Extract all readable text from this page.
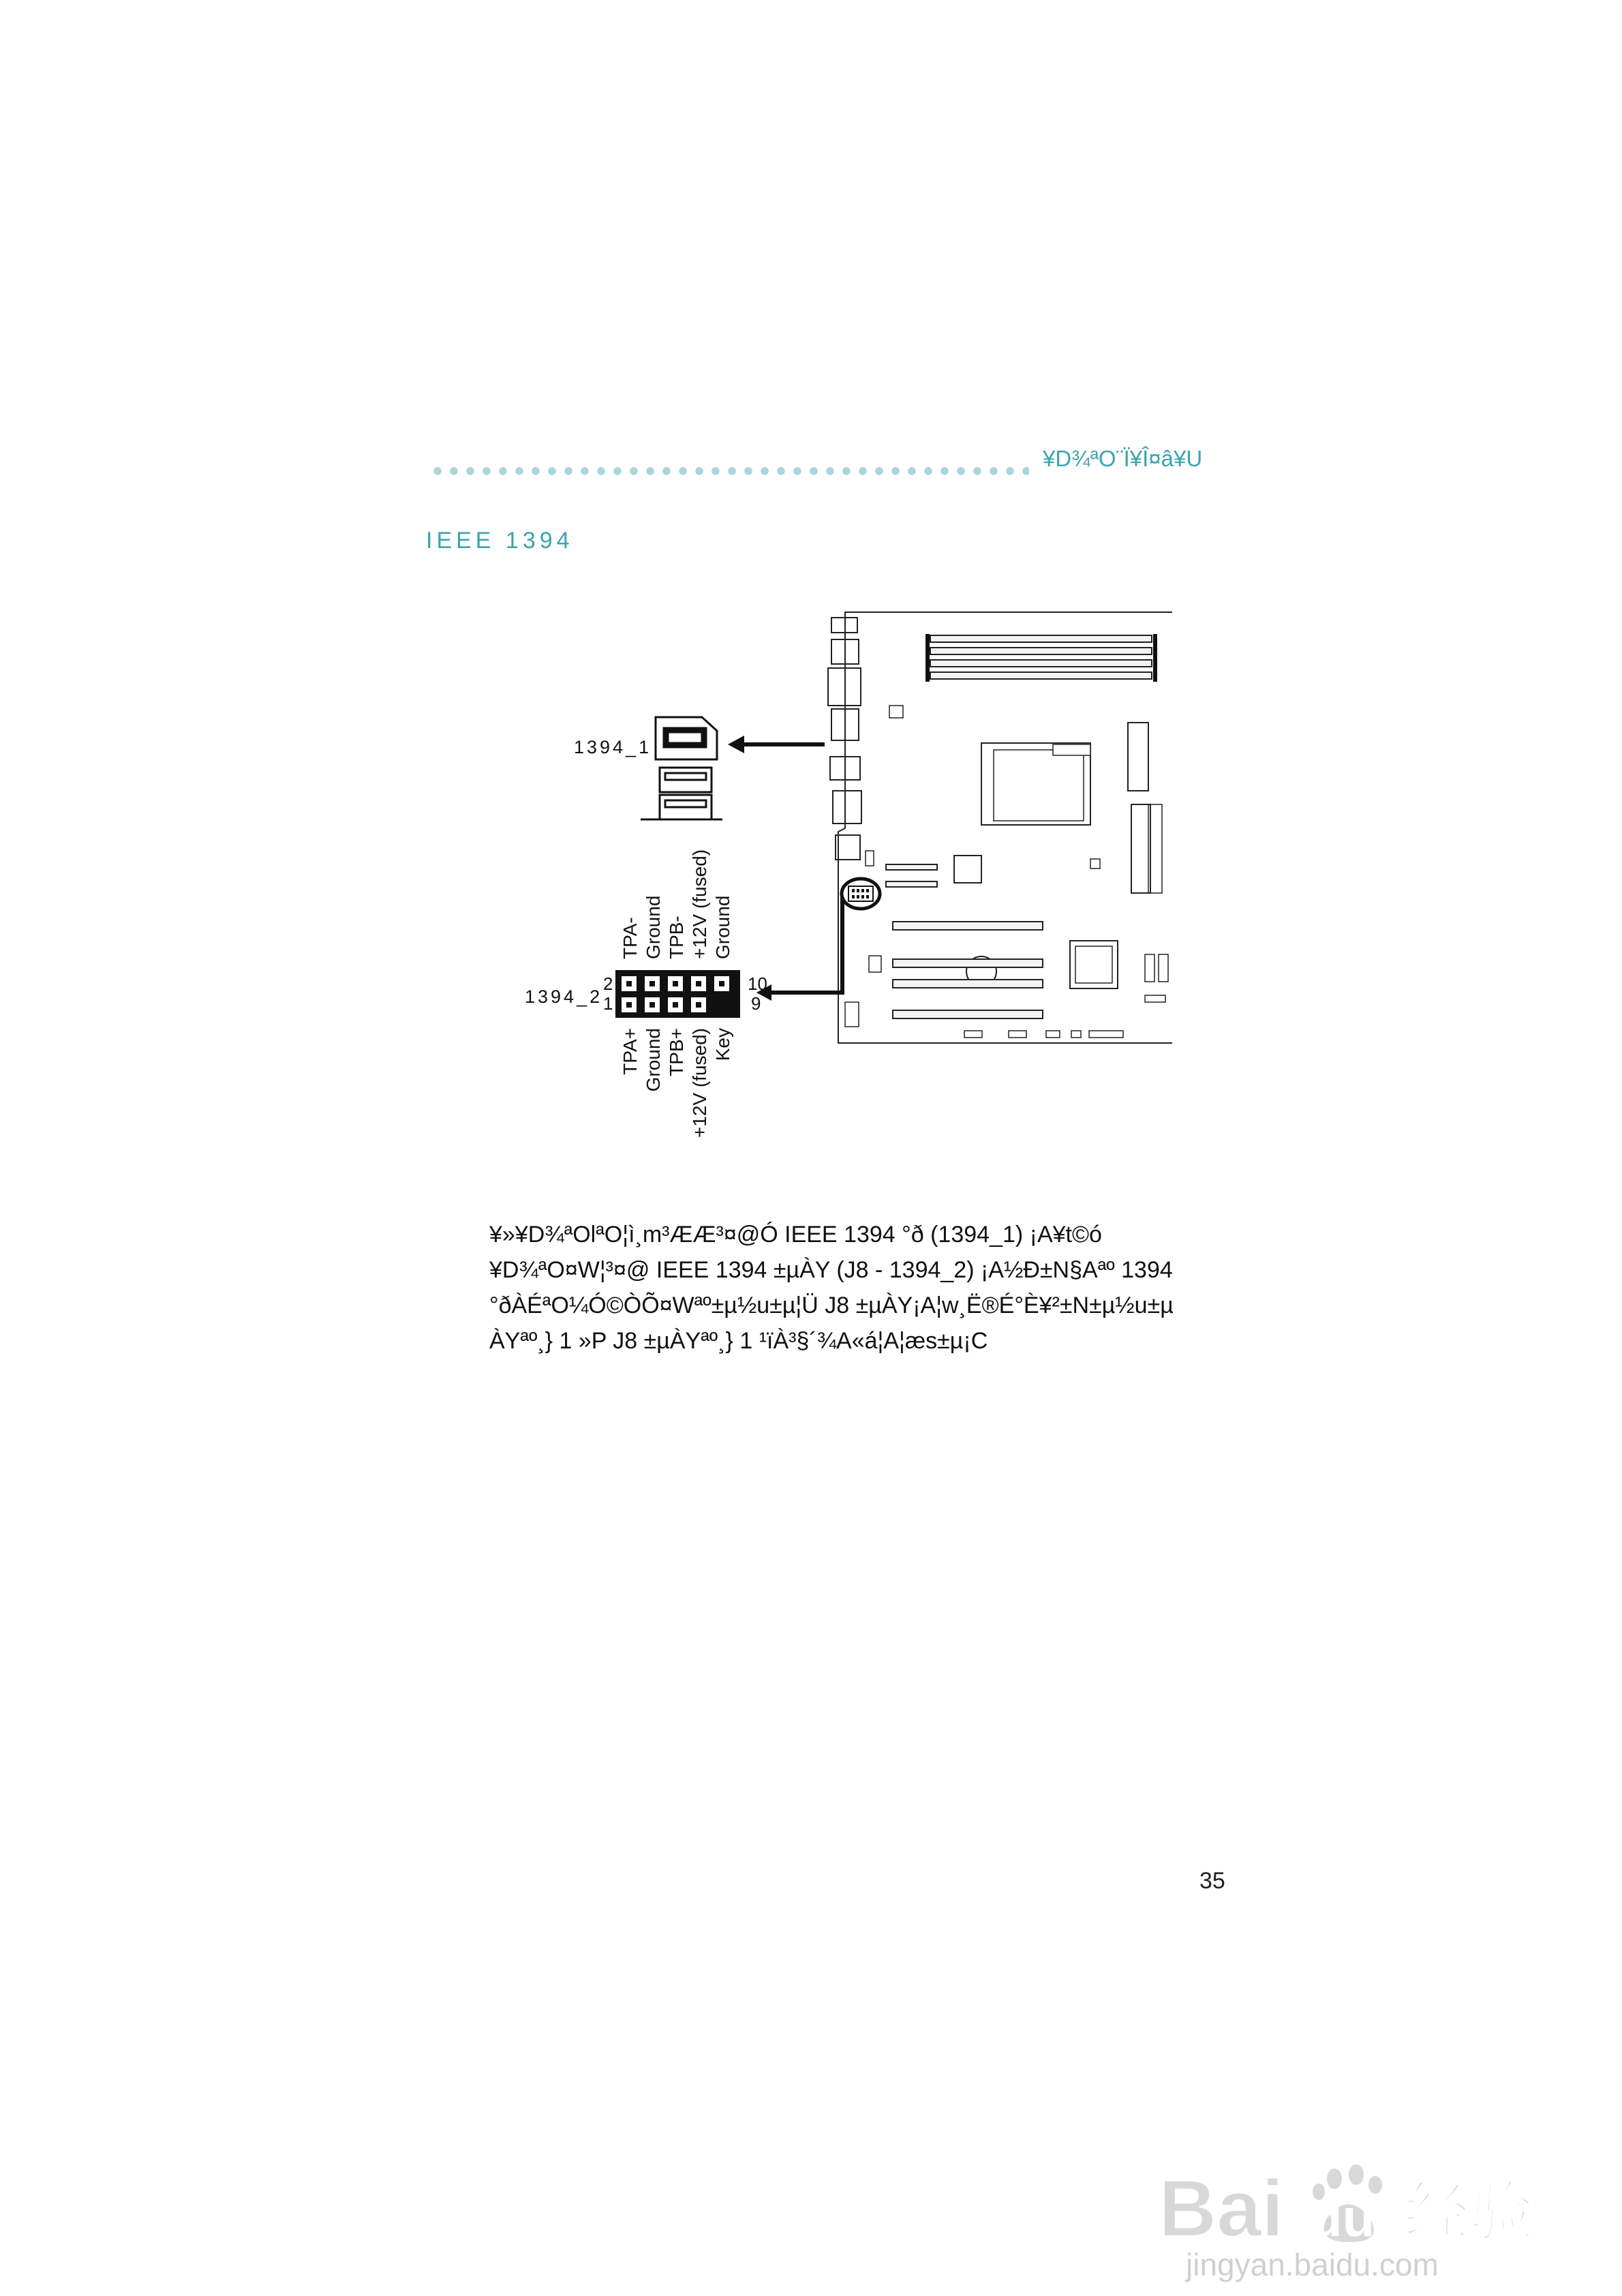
¥D¾ªO¨Ï¥Î¤â¥U
IEEE 1394
1394_1
1394_2
2
1
10
9
TPA- Ground TPB- +12V (fused) Ground
TPA+ Ground TPB+ +12V (fused) Key
¥»¥D¾ªOlªO¦ì¸m³ÆÆ³¤@Ó IEEE 1394 °ð (1394_1) ¡A¥t©ó
¥D¾ªO¤W¦³¤@ IEEE 1394 ±µÀY (J8 - 1394_2) ¡A½Ð±N§Aªº 1394
°ðÀÉªO¼Ó©ÒÕ¤Wªº±µ½u±µ¦Ü J8 ±µÀY¡A¦w¸Ë®É°È¥²±N±µ½u±µ
ÀYªº¸} 1 »P J8 ±µÀYªº¸} 1 ¹ïÀ³§´¾A«á¦A¦æs±µ¡C
35
Bai du 经验
jingyan.baidu.com
